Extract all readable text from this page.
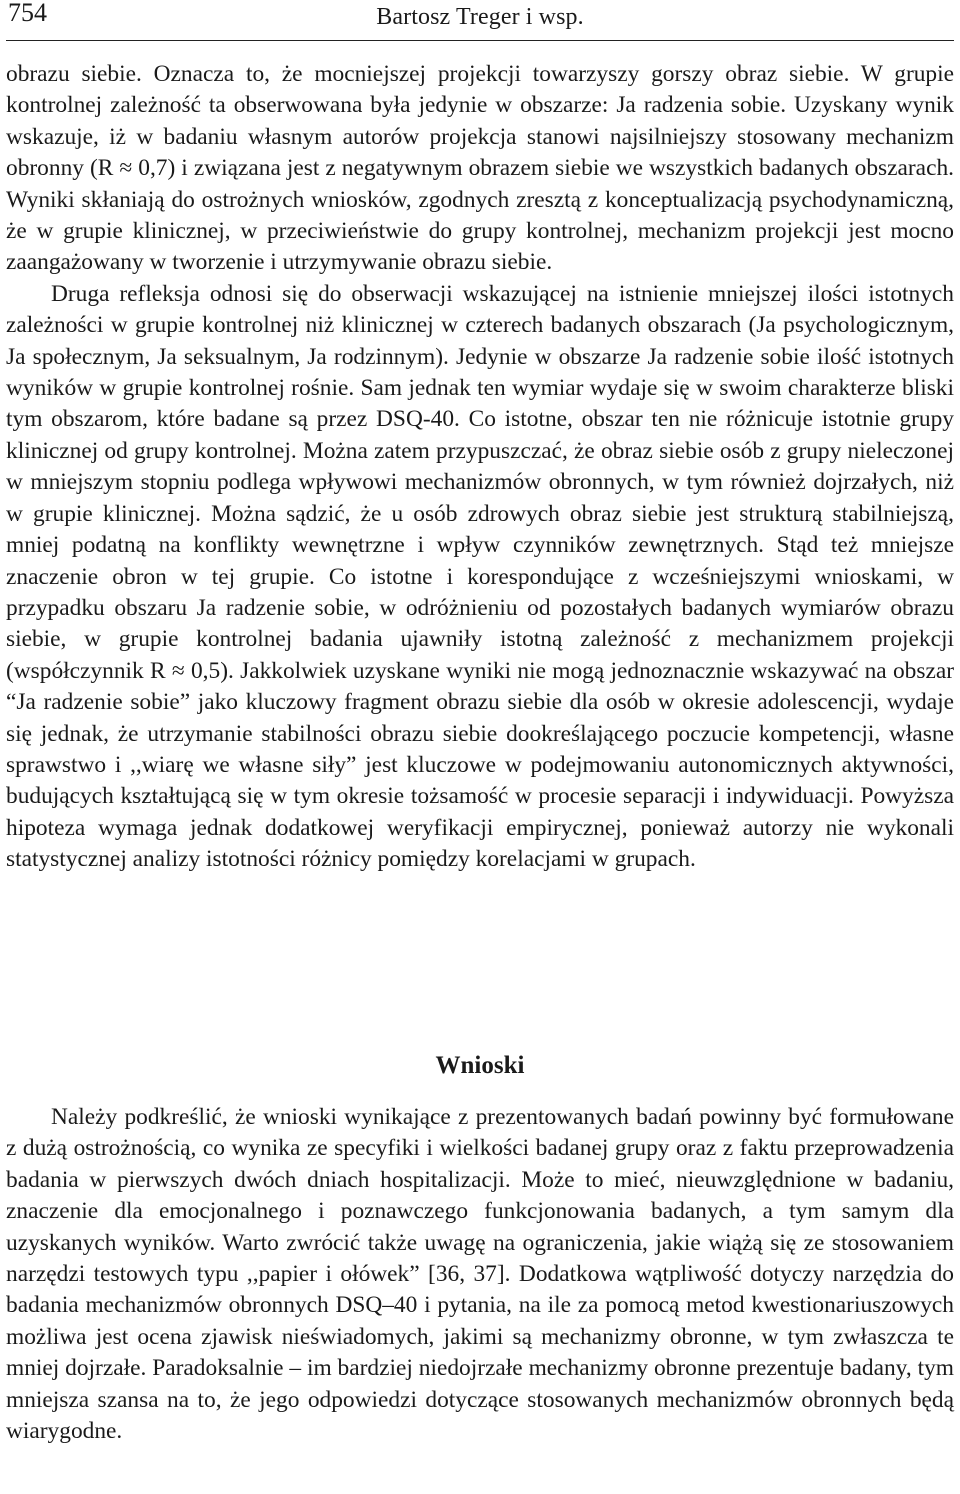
754	Bartosz Treger i wsp.

obrazu siebie. Oznacza to, że mocniejszej projekcji towarzyszy gorszy obraz siebie. W grupie kontrolnej zależność ta obserwowana była jedynie w obszarze: Ja radzenia sobie. Uzyskany wynik wskazuje, iż w badaniu własnym autorów projekcja stanowi najsilniejszy stosowany mechanizm obronny (R ≈ 0,7) i związana jest z negatywnym obrazem siebie we wszystkich badanych obszarach. Wyniki skłaniają do ostrożnych wniosków, zgodnych zresztą z konceptualizacją psychodynamiczną, że w grupie klinicznej, w przeciwieństwie do grupy kontrolnej, mechanizm projekcji jest mocno zaangażowany w tworzenie i utrzymywanie obrazu siebie.

Druga refleksja odnosi się do obserwacji wskazującej na istnienie mniejszej ilości istotnych zależności w grupie kontrolnej niż klinicznej w czterech badanych obszarach (Ja psychologicznym, Ja społecznym, Ja seksualnym, Ja rodzinnym). Jedynie w obszarze Ja radzenie sobie ilość istotnych wyników w grupie kontrolnej rośnie. Sam jednak ten wymiar wydaje się w swoim charakterze bliski tym obszarom, które badane są przez DSQ-40. Co istotne, obszar ten nie różnicuje istotnie grupy klinicznej od grupy kontrolnej. Można zatem przypuszczać, że obraz siebie osób z grupy nieleczonej w mniejszym stopniu podlega wpływowi mechanizmów obronnych, w tym również dojrzałych, niż w grupie klinicznej. Można sądzić, że u osób zdrowych obraz siebie jest strukturą stabilniejszą, mniej podatną na konflikty wewnętrzne i wpływ czynników zewnętrznych. Stąd też mniejsze znaczenie obron w tej grupie. Co istotne i korespondujące z wcześniejszymi wnioskami, w przypadku obszaru Ja radzenie sobie, w odróżnieniu od pozostałych badanych wymiarów obrazu siebie, w grupie kontrolnej badania ujawniły istotną zależność z mechanizmem projekcji (współczynnik R ≈ 0,5). Jakkolwiek uzyskane wyniki nie mogą jednoznacznie wskazywać na obszar “Ja radzenie sobie” jako kluczowy fragment obrazu siebie dla osób w okresie adolescencji, wydaje się jednak, że utrzymanie stabilności obrazu siebie dookreślającego poczucie kompetencji, własne sprawstwo i ,,wiarę we własne siły” jest kluczowe w podejmowaniu autonomicznych aktywności, budujących kształtującą się w tym okresie tożsamość w procesie separacji i indywiduacji. Powyższa hipoteza wymaga jednak dodatkowej weryfikacji empirycznej, ponieważ autorzy nie wykonali statystycznej analizy istotności różnicy pomiędzy korelacjami w grupach.

Wnioski

Należy podkreślić, że wnioski wynikające z prezentowanych badań powinny być formułowane z dużą ostrożnością, co wynika ze specyfiki i wielkości badanej grupy oraz z faktu przeprowadzenia badania w pierwszych dwóch dniach hospitalizacji. Może to mieć, nieuwzględnione w badaniu, znaczenie dla emocjonalnego i poznawczego funkcjonowania badanych, a tym samym dla uzyskanych wyników. Warto zwrócić także uwagę na ograniczenia, jakie wiążą się ze stosowaniem narzędzi testowych typu ,,papier i ołówek” [36, 37]. Dodatkowa wątpliwość dotyczy narzędzia do badania mechanizmów obronnych DSQ–40 i pytania, na ile za pomocą metod kwestionariuszowych możliwa jest ocena zjawisk nieświadomych, jakimi są mechanizmy obronne, w tym zwłaszcza te mniej dojrzałe. Paradoksalnie – im bardziej niedojrzałe mechanizmy obronne prezentuje badany, tym mniejsza szansa na to, że jego odpowiedzi dotyczące stosowanych mechanizmów obronnych będą wiarygodne.
